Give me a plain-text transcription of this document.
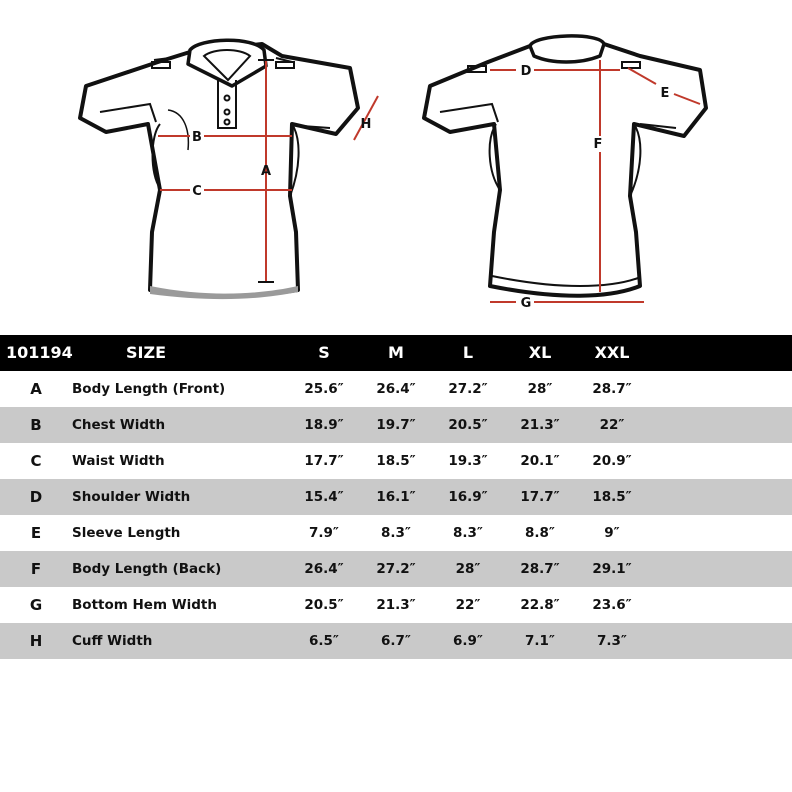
A
B
C
H
D
E
F
G
101194	SIZE	S	M	L	XL	XXL
A	Body Length (Front)	25.6″	26.4″	27.2″	28″	28.7″
B	Chest Width	18.9″	19.7″	20.5″	21.3″	22″
C	Waist Width	17.7″	18.5″	19.3″	20.1″	20.9″
D	Shoulder Width	15.4″	16.1″	16.9″	17.7″	18.5″
E	Sleeve Length	7.9″	8.3″	8.3″	8.8″	9″
F	Body Length (Back)	26.4″	27.2″	28″	28.7″	29.1″
G	Bottom Hem Width	20.5″	21.3″	22″	22.8″	23.6″
H	Cuff Width	6.5″	6.7″	6.9″	7.1″	7.3″
